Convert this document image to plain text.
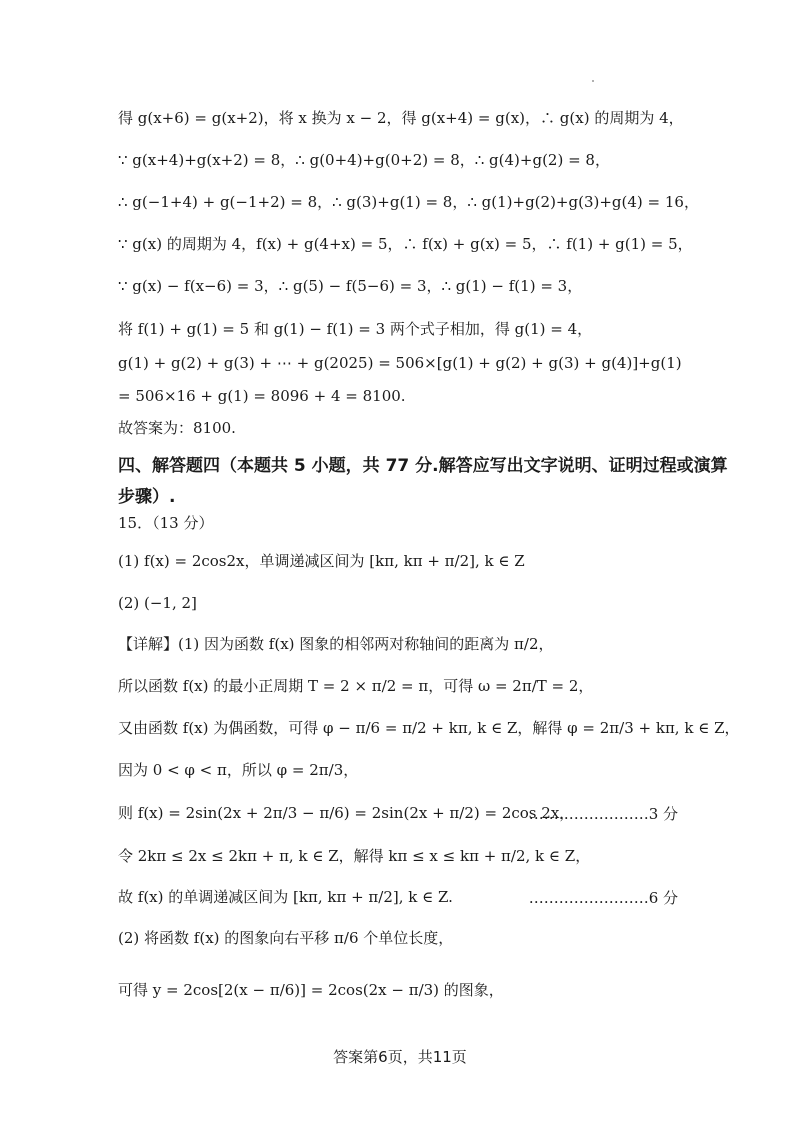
得 g(x+6) = g(x+2)，将 x 换为 x − 2，得 g(x+4) = g(x)，∴ g(x) 的周期为 4，
∵ g(x+4)+g(x+2) = 8，∴ g(0+4)+g(0+2) = 8，∴ g(4)+g(2) = 8，
∴ g(−1+4) + g(−1+2) = 8，∴ g(3)+g(1) = 8，∴ g(1)+g(2)+g(3)+g(4) = 16，
∵ g(x) 的周期为 4，f(x) + g(4+x) = 5，∴ f(x) + g(x) = 5，∴ f(1) + g(1) = 5，
∵ g(x) − f(x−6) = 3，∴ g(5) − f(5−6) = 3，∴ g(1) − f(1) = 3，
将 f(1) + g(1) = 5 和 g(1) − f(1) = 3 两个式子相加，得 g(1) = 4，
g(1) + g(2) + g(3) + ⋯ + g(2025) = 506×[g(1) + g(2) + g(3) + g(4)]+g(1)
= 506×16 + g(1) = 8096 + 4 = 8100.
故答案为：8100.
四、解答题四（本题共 5 小题，共 77 分.解答应写出文字说明、证明过程或演算
步骤）.
15．（13 分）
(1) f(x) = 2cos2x，单调递减区间为 [kπ, kπ + π/2], k ∈ Z
(2) (−1, 2]
【详解】(1) 因为函数 f(x) 图象的相邻两对称轴间的距离为 π/2，
所以函数 f(x) 的最小正周期 T = 2 × π/2 = π，可得 ω = 2π/T = 2，
又由函数 f(x) 为偶函数，可得 φ − π/6 = π/2 + kπ, k ∈ Z，解得 φ = 2π/3 + kπ, k ∈ Z，
因为 0 < φ < π，所以 φ = 2π/3，
则 f(x) = 2sin(2x + 2π/3 − π/6) = 2sin(2x + π/2) = 2cos 2x，
……………………3 分
令 2kπ ≤ 2x ≤ 2kπ + π, k ∈ Z，解得 kπ ≤ x ≤ kπ + π/2, k ∈ Z，
故 f(x) 的单调递减区间为 [kπ, kπ + π/2], k ∈ Z.	……………………6 分
(2) 将函数 f(x) 的图象向右平移 π/6 个单位长度，
可得 y = 2cos[2(x − π/6)] = 2cos(2x − π/3) 的图象，
答案第6页，共11页
